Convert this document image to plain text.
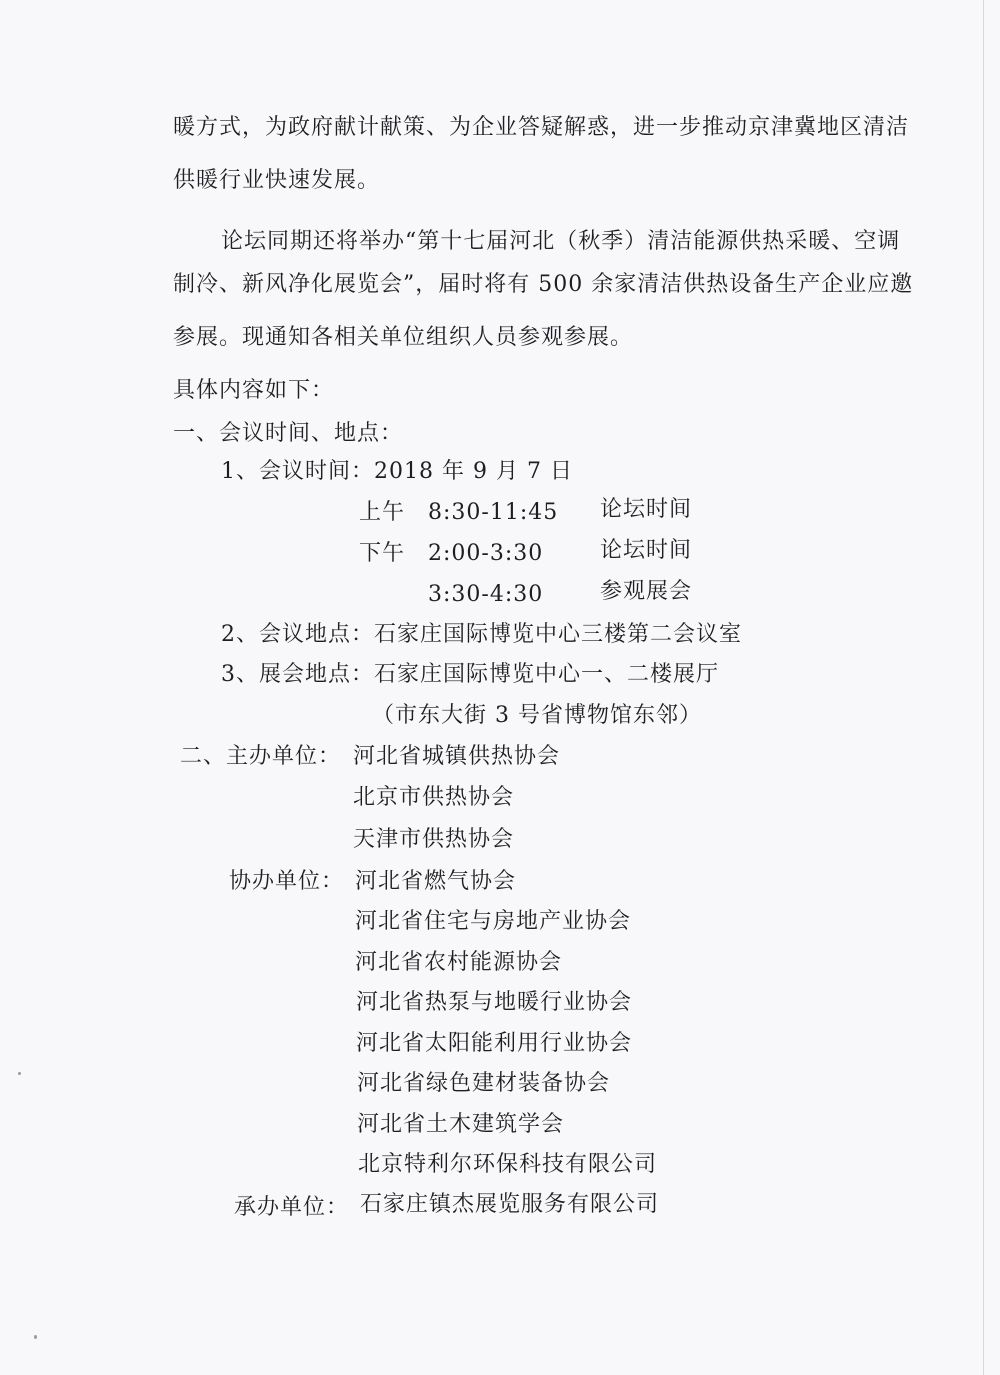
暖方式，为政府献计献策、为企业答疑解惑，进一步推动京津冀地区清洁
供暖行业快速发展。
论坛同期还将举办“第十七届河北（秋季）清洁能源供热采暖、空调
制冷、新风净化展览会”，届时将有 500 余家清洁供热设备生产企业应邀
参展。现通知各相关单位组织人员参观参展。
具体内容如下：
一、会议时间、地点：
1、会议时间：2018 年 9 月 7 日
上午 8:30-11:45 论坛时间
下午 2:00-3:30	论坛时间
3:30-4:30	参观展会
2、会议地点：石家庄国际博览中心三楼第二会议室
3、展会地点：石家庄国际博览中心一、二楼展厅
（市东大街 3 号省博物馆东邻）
二、主办单位： 河北省城镇供热协会
北京市供热协会
天津市供热协会
协办单位： 河北省燃气协会
河北省住宅与房地产业协会
河北省农村能源协会
河北省热泵与地暖行业协会
河北省太阳能利用行业协会
河北省绿色建材装备协会
河北省土木建筑学会
北京特利尔环保科技有限公司
承办单位： 石家庄镇杰展览服务有限公司
